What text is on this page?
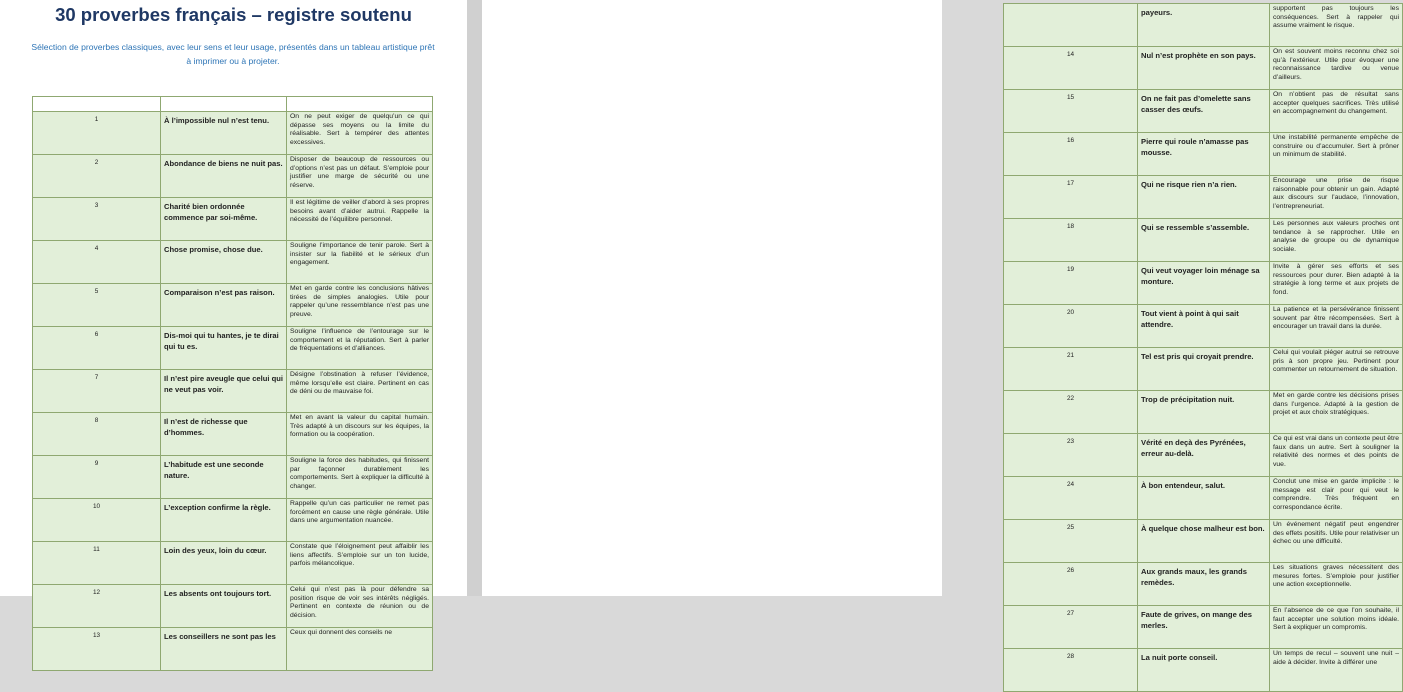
30 proverbes français – registre soutenu
Sélection de proverbes classiques, avec leur sens et leur usage, présentés dans un tableau artistique prêt à imprimer ou à projeter.

1	À l’impossible nul n’est tenu.	On ne peut exiger de quelqu’un ce qui dépasse ses moyens ou la limite du réalisable. Sert à tempérer des attentes excessives.

2	Abondance de biens ne nuit pas.	Disposer de beaucoup de ressources ou d’options n’est pas un défaut. S’emploie pour justifier une marge de sécurité ou une réserve.

3	Charité bien ordonnée commence par soi-même.	Il est légitime de veiller d’abord à ses propres besoins avant d’aider autrui. Rappelle la nécessité de l’équilibre personnel.

4	Chose promise, chose due.	Souligne l’importance de tenir parole. Sert à insister sur la fiabilité et le sérieux d’un engagement.

5	Comparaison n’est pas raison.	Met en garde contre les conclusions hâtives tirées de simples analogies. Utile pour rappeler qu’une ressemblance n’est pas une preuve.

6	Dis-moi qui tu hantes, je te dirai qui tu es.	Souligne l’influence de l’entourage sur le comportement et la réputation. Sert à parler de fréquentations et d’alliances.

7	Il n’est pire aveugle que celui qui ne veut pas voir.	Désigne l’obstination à refuser l’évidence, même lorsqu’elle est claire. Pertinent en cas de déni ou de mauvaise foi.

8	Il n’est de richesse que d’hommes.	Met en avant la valeur du capital humain. Très adapté à un discours sur les équipes, la formation ou la coopération.

9	L’habitude est une seconde nature.	Souligne la force des habitudes, qui finissent par façonner durablement les comportements. Sert à expliquer la difficulté à changer.

10	L’exception confirme la règle.	Rappelle qu’un cas particulier ne remet pas forcément en cause une règle générale. Utile dans une argumentation nuancée.

11	Loin des yeux, loin du cœur.	Constate que l’éloignement peut affaiblir les liens affectifs. S’emploie sur un ton lucide, parfois mélancolique.

12	Les absents ont toujours tort.	Celui qui n’est pas là pour défendre sa position risque de voir ses intérêts négligés. Pertinent en contexte de réunion ou de décision.

13	Les conseillers ne sont pas les	Ceux qui donnent des conseils ne

	payeurs.	supportent pas toujours les conséquences. Sert à rappeler qui assume vraiment le risque.

14	Nul n’est prophète en son pays.	On est souvent moins reconnu chez soi qu’à l’extérieur. Utile pour évoquer une reconnaissance tardive ou venue d’ailleurs.

15	On ne fait pas d’omelette sans casser des œufs.	On n’obtient pas de résultat sans accepter quelques sacrifices. Très utilisé en accompagnement du changement.

16	Pierre qui roule n’amasse pas mousse.	Une instabilité permanente empêche de construire ou d’accumuler. Sert à prôner un minimum de stabilité.

17	Qui ne risque rien n’a rien.	Encourage une prise de risque raisonnable pour obtenir un gain. Adapté aux discours sur l’audace, l’innovation, l’entrepreneuriat.

18	Qui se ressemble s’assemble.	Les personnes aux valeurs proches ont tendance à se rapprocher. Utile en analyse de groupe ou de dynamique sociale.

19	Qui veut voyager loin ménage sa monture.	Invite à gérer ses efforts et ses ressources pour durer. Bien adapté à la stratégie à long terme et aux projets de fond.

20	Tout vient à point à qui sait attendre.	La patience et la persévérance finissent souvent par être récompensées. Sert à encourager un travail dans la durée.

21	Tel est pris qui croyait prendre.	Celui qui voulait piéger autrui se retrouve pris à son propre jeu. Pertinent pour commenter un retournement de situation.

22	Trop de précipitation nuit.	Met en garde contre les décisions prises dans l’urgence. Adapté à la gestion de projet et aux choix stratégiques.

23	Vérité en deçà des Pyrénées, erreur au-delà.	Ce qui est vrai dans un contexte peut être faux dans un autre. Sert à souligner la relativité des normes et des points de vue.

24	À bon entendeur, salut.	Conclut une mise en garde implicite : le message est clair pour qui veut le comprendre. Très fréquent en correspondance écrite.

25	À quelque chose malheur est bon.	Un événement négatif peut engendrer des effets positifs. Utile pour relativiser un échec ou une difficulté.

26	Aux grands maux, les grands remèdes.	Les situations graves nécessitent des mesures fortes. S’emploie pour justifier une action exceptionnelle.

27	Faute de grives, on mange des merles.	En l’absence de ce que l’on souhaite, il faut accepter une solution moins idéale. Sert à expliquer un compromis.

28	La nuit porte conseil.	Un temps de recul – souvent une nuit – aide à décider. Invite à différer une
